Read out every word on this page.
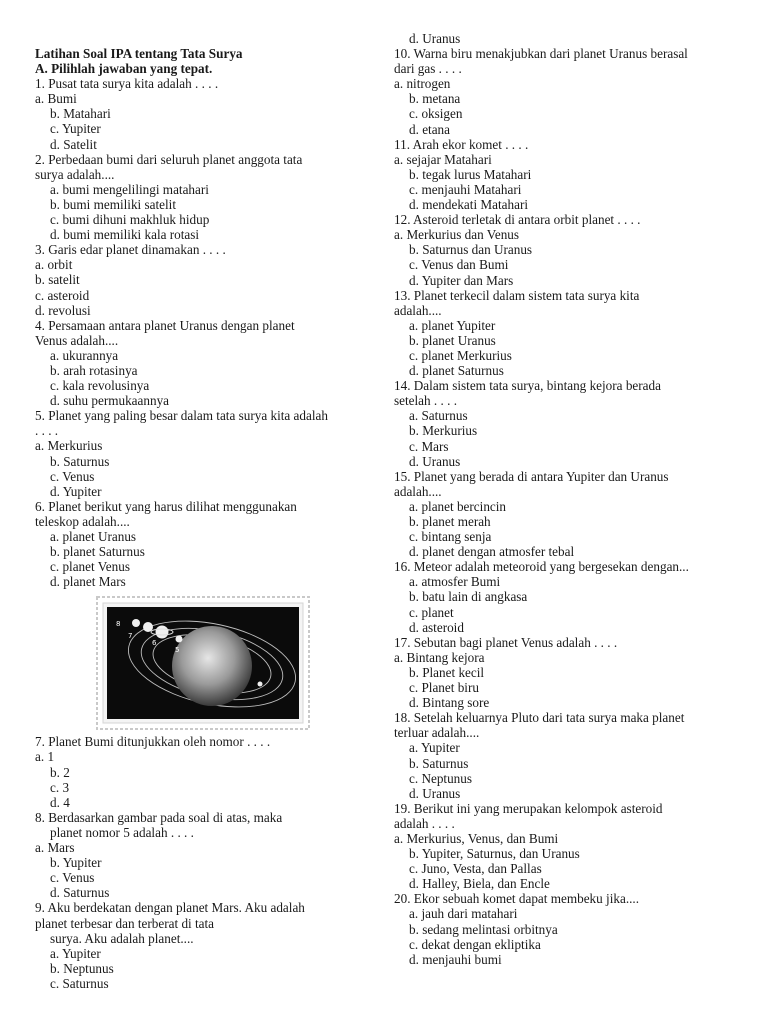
Latihan Soal IPA tentang Tata Surya
A. Pilihlah jawaban yang tepat.
1. Pusat tata surya kita adalah . . . .
a. Bumi
b. Matahari
c. Yupiter
d. Satelit
2. Perbedaan bumi dari seluruh planet anggota tata
surya adalah....
a. bumi mengelilingi matahari
b. bumi memiliki satelit
c. bumi dihuni makhluk hidup
d. bumi memiliki kala rotasi
3. Garis edar planet dinamakan . . . .
a. orbit
b. satelit
c. asteroid
d. revolusi
4. Persamaan antara planet Uranus dengan planet
Venus adalah....
a. ukurannya
b. arah rotasinya
c. kala revolusinya
d. suhu permukaannya
5. Planet yang paling besar dalam tata surya kita adalah
. . . .
a. Merkurius
b. Saturnus
c. Venus
d. Yupiter
6. Planet berikut yang harus dilihat menggunakan
teleskop adalah....
a. planet Uranus
b. planet Saturnus
c. planet Venus
d. planet Mars
8
7
6
5
7. Planet Bumi ditunjukkan oleh nomor . . . .
a. 1
b. 2
c. 3
d. 4
8. Berdasarkan gambar pada soal di atas, maka
planet nomor 5 adalah . . . .
a. Mars
b. Yupiter
c. Venus
d. Saturnus
9. Aku berdekatan dengan planet Mars. Aku adalah
planet terbesar dan terberat di tata
surya. Aku adalah planet....
a. Yupiter
b. Neptunus
c. Saturnus
d. Uranus
10. Warna biru menakjubkan dari planet Uranus berasal
dari gas . . . .
a. nitrogen
b. metana
c. oksigen
d. etana
11. Arah ekor komet . . . .
a. sejajar Matahari
b. tegak lurus Matahari
c. menjauhi Matahari
d. mendekati Matahari
12. Asteroid terletak di antara orbit planet . . . .
a. Merkurius dan Venus
b. Saturnus dan Uranus
c. Venus dan Bumi
d. Yupiter dan Mars
13. Planet terkecil dalam sistem tata surya kita
adalah....
a. planet Yupiter
b. planet Uranus
c. planet Merkurius
d. planet Saturnus
14. Dalam sistem tata surya, bintang kejora berada
setelah . . . .
a. Saturnus
b. Merkurius
c. Mars
d. Uranus
15. Planet yang berada di antara Yupiter dan Uranus
adalah....
a. planet bercincin
b. planet merah
c. bintang senja
d. planet dengan atmosfer tebal
16. Meteor adalah meteoroid yang bergesekan dengan...
a. atmosfer Bumi
b. batu lain di angkasa
c. planet
d. asteroid
17. Sebutan bagi planet Venus adalah . . . .
a. Bintang kejora
b. Planet kecil
c. Planet biru
d. Bintang sore
18. Setelah keluarnya Pluto dari tata surya maka planet
terluar adalah....
a. Yupiter
b. Saturnus
c. Neptunus
d. Uranus
19. Berikut ini yang merupakan kelompok asteroid
adalah . . . .
a. Merkurius, Venus, dan Bumi
b. Yupiter, Saturnus, dan Uranus
c. Juno, Vesta, dan Pallas
d. Halley, Biela, dan Encle
20. Ekor sebuah komet dapat membeku jika....
a. jauh dari matahari
b. sedang melintasi orbitnya
c. dekat dengan ekliptika
d. menjauhi bumi
